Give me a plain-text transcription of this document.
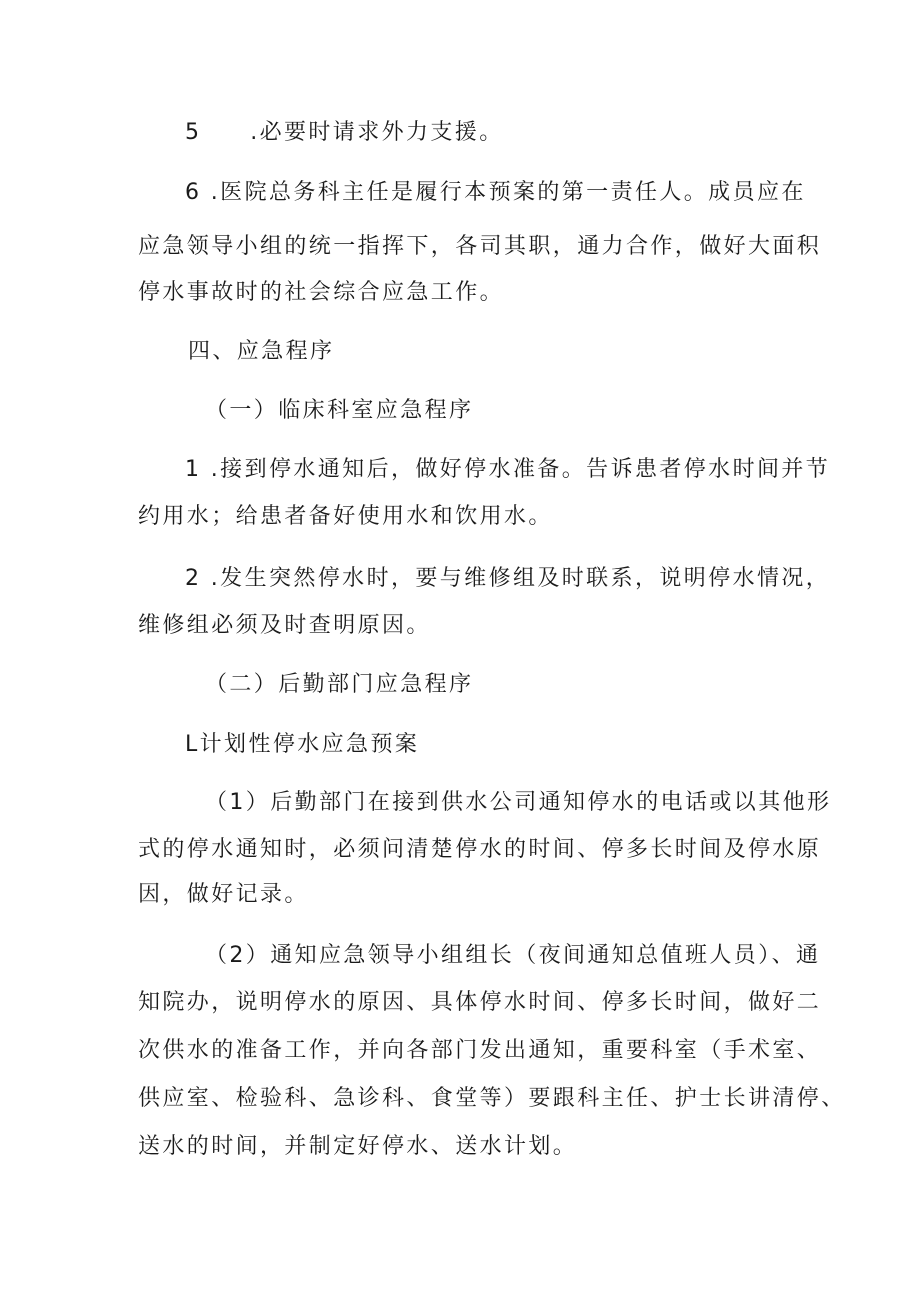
5　　.必要时请求外力支援。
6 .医院总务科主任是履行本预案的第一责任人。成员应在
应急领导小组的统一指挥下，各司其职，通力合作，做好大面积
停水事故时的社会综合应急工作。
四、应急程序
（一）临床科室应急程序
1 .接到停水通知后，做好停水准备。告诉患者停水时间并节
约用水；给患者备好使用水和饮用水。
2 .发生突然停水时，要与维修组及时联系，说明停水情况，
维修组必须及时查明原因。
（二）后勤部门应急程序
L计划性停水应急预案
（1）后勤部门在接到供水公司通知停水的电话或以其他形
式的停水通知时，必须问清楚停水的时间、停多长时间及停水原
因，做好记录。
（2）通知应急领导小组组长（夜间通知总值班人员）、通
知院办，说明停水的原因、具体停水时间、停多长时间，做好二
次供水的准备工作，并向各部门发出通知，重要科室（手术室、
供应室、检验科、急诊科、食堂等）要跟科主任、护士长讲清停、
送水的时间，并制定好停水、送水计划。
